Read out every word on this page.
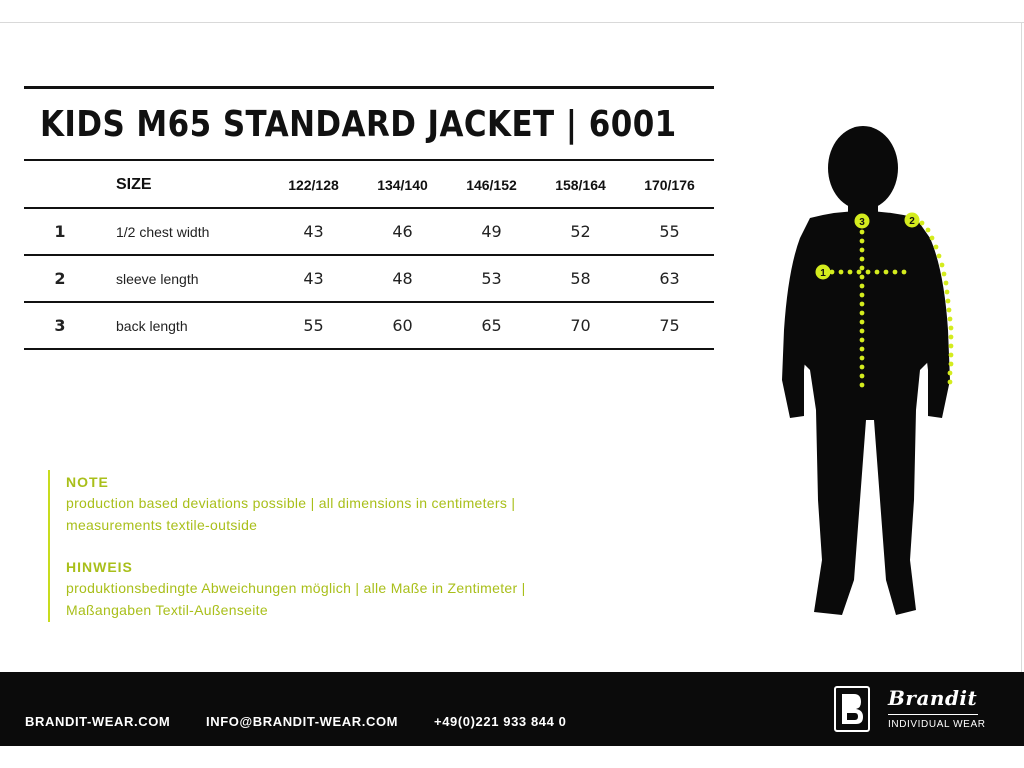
KIDS M65 STANDARD JACKET | 6001
	SIZE	122/128	134/140	146/152	158/164	170/176
1	1/2 chest width	43	46	49	52	55
2	sleeve length	43	48	53	58	63
3	back length	55	60	65	70	75
NOTE
production based deviations possible | all dimensions in centimeters |
measurements textile-outside
HINWEIS
produktionsbedingte Abweichungen möglich | alle Maße in Zentimeter |
Maßangaben Textil-Außenseite
1
2
3
BRANDIT-WEAR.COM	INFO@BRANDIT-WEAR.COM	+49(0)221 933 844 0
Brandit
INDIVIDUAL WEAR
